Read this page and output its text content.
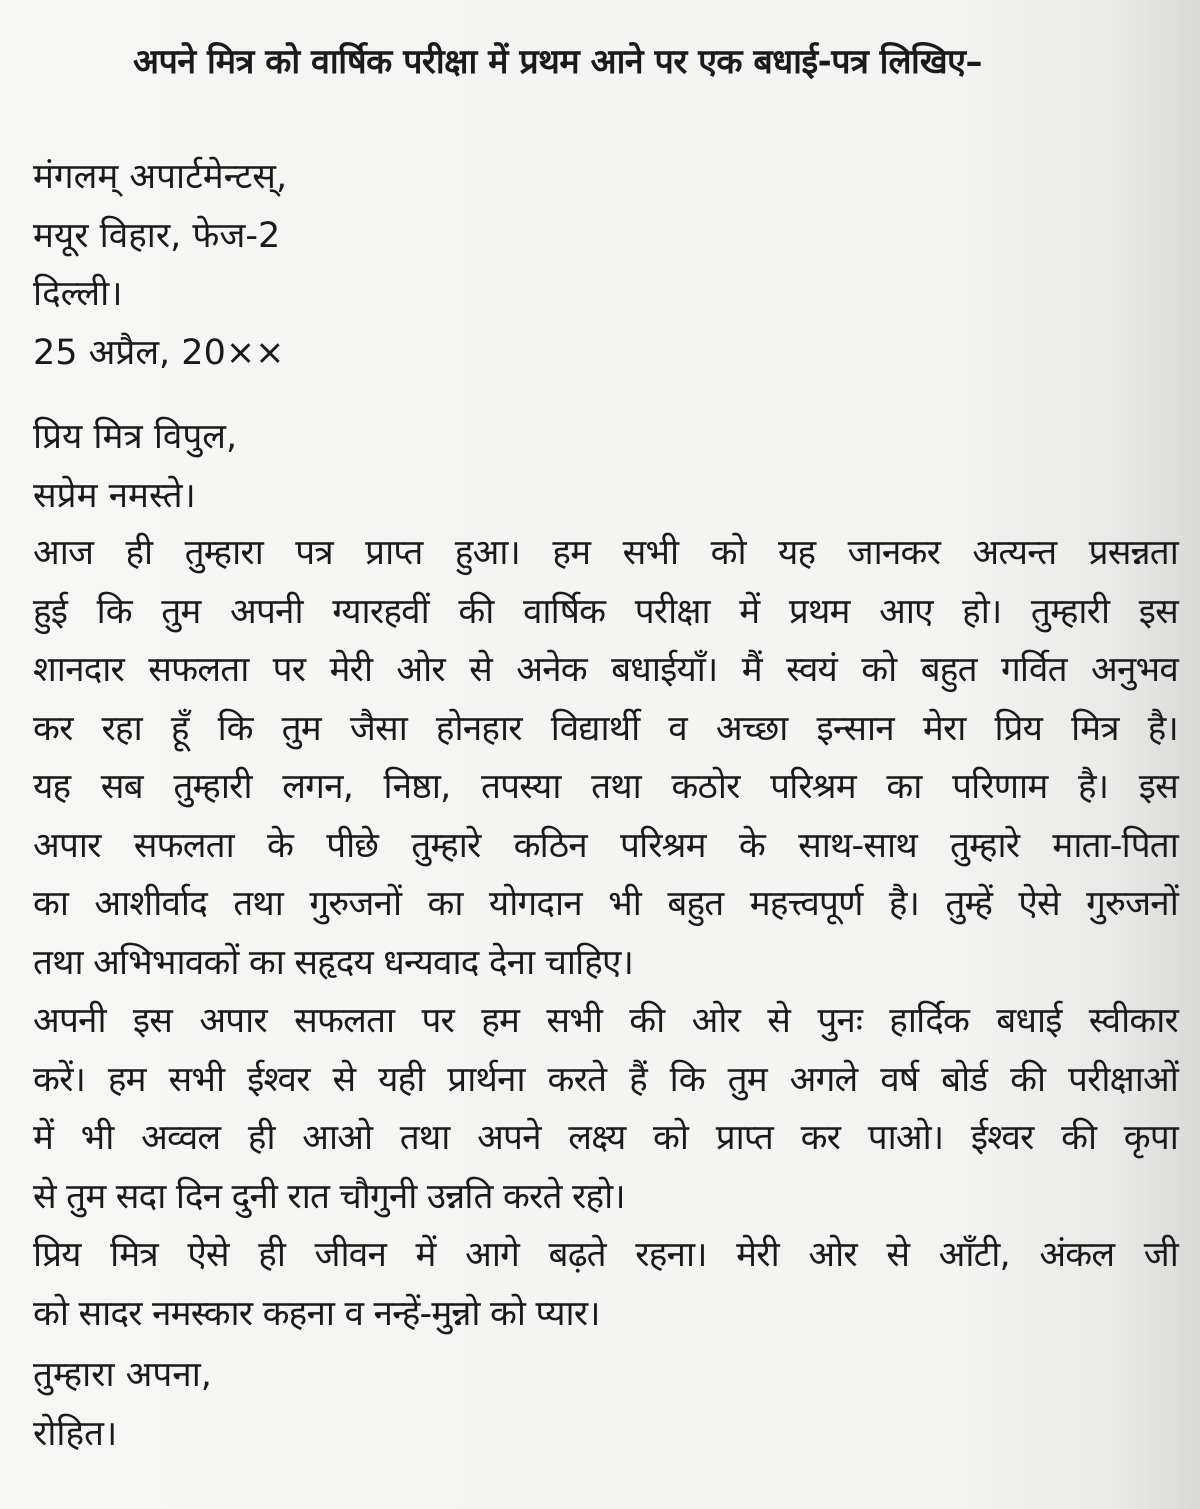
अपने मित्र को वार्षिक परीक्षा में प्रथम आने पर एक बधाई-पत्र लिखिए–
मंगलम् अपार्टमेन्टस्,
मयूर विहार, फेज-2
दिल्ली।
25 अप्रैल, 20××
प्रिय मित्र विपुल,
सप्रेम नमस्ते।
आज ही तुम्हारा पत्र प्राप्त हुआ। हम सभी को यह जानकर अत्यन्त प्रसन्नता
हुई कि तुम अपनी ग्यारहवीं की वार्षिक परीक्षा में प्रथम आए हो। तुम्हारी इस
शानदार सफलता पर मेरी ओर से अनेक बधाईयाँ। मैं स्वयं को बहुत गर्वित अनुभव
कर रहा हूँ कि तुम जैसा होनहार विद्यार्थी व अच्छा इन्सान मेरा प्रिय मित्र है।
यह सब तुम्हारी लगन, निष्ठा, तपस्या तथा कठोर परिश्रम का परिणाम है। इस
अपार सफलता के पीछे तुम्हारे कठिन परिश्रम के साथ-साथ तुम्हारे माता-पिता
का आशीर्वाद तथा गुरुजनों का योगदान भी बहुत महत्त्वपूर्ण है। तुम्हें ऐसे गुरुजनों
तथा अभिभावकों का सहृदय धन्यवाद देना चाहिए।
अपनी इस अपार सफलता पर हम सभी की ओर से पुनः हार्दिक बधाई स्वीकार
करें। हम सभी ईश्वर से यही प्रार्थना करते हैं कि तुम अगले वर्ष बोर्ड की परीक्षाओं
में भी अव्वल ही आओ तथा अपने लक्ष्य को प्राप्त कर पाओ। ईश्वर की कृपा
से तुम सदा दिन दुनी रात चौगुनी उन्नति करते रहो।
प्रिय मित्र ऐसे ही जीवन में आगे बढ़ते रहना। मेरी ओर से आँटी, अंकल जी
को सादर नमस्कार कहना व नन्हें-मुन्नो को प्यार।
तुम्हारा अपना,
रोहित।
